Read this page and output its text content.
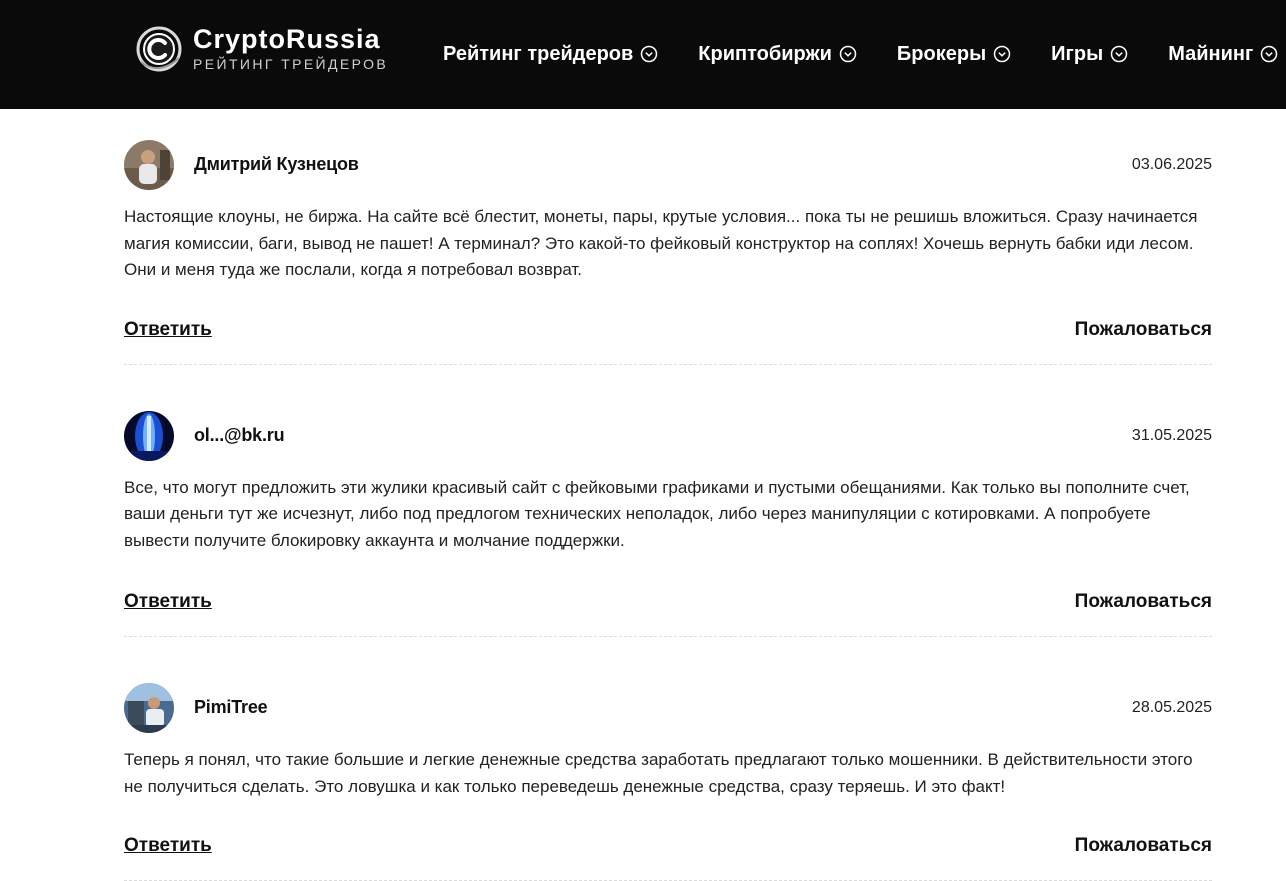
CryptoRussia
РЕЙТИНГ ТРЕЙДЕРОВ	Рейтинг трейдеров	Криптобиржи	Брокеры	Игры	Майнинг
Дмитрий Кузнецов	03.06.2025
Настоящие клоуны, не биржа. На сайте всё блестит, монеты, пары, крутые условия... пока ты не решишь вложиться. Сразу начинается магия комиссии, баги, вывод не пашет! А терминал? Это какой-то фейковый конструктор на соплях! Хочешь вернуть бабки иди лесом. Они и меня туда же послали, когда я потребовал возврат.
Ответить	Пожаловаться
ol...@bk.ru	31.05.2025
Все, что могут предложить эти жулики красивый сайт с фейковыми графиками и пустыми обещаниями. Как только вы пополните счет, ваши деньги тут же исчезнут, либо под предлогом технических неполадок, либо через манипуляции с котировками. А попробуете вывести получите блокировку аккаунта и молчание поддержки.
Ответить	Пожаловаться
PimiTree	28.05.2025
Теперь я понял, что такие большие и легкие денежные средства заработать предлагают только мошенники. В действительности этого не получиться сделать. Это ловушка и как только переведешь денежные средства, сразу теряешь. И это факт!
Ответить	Пожаловаться
